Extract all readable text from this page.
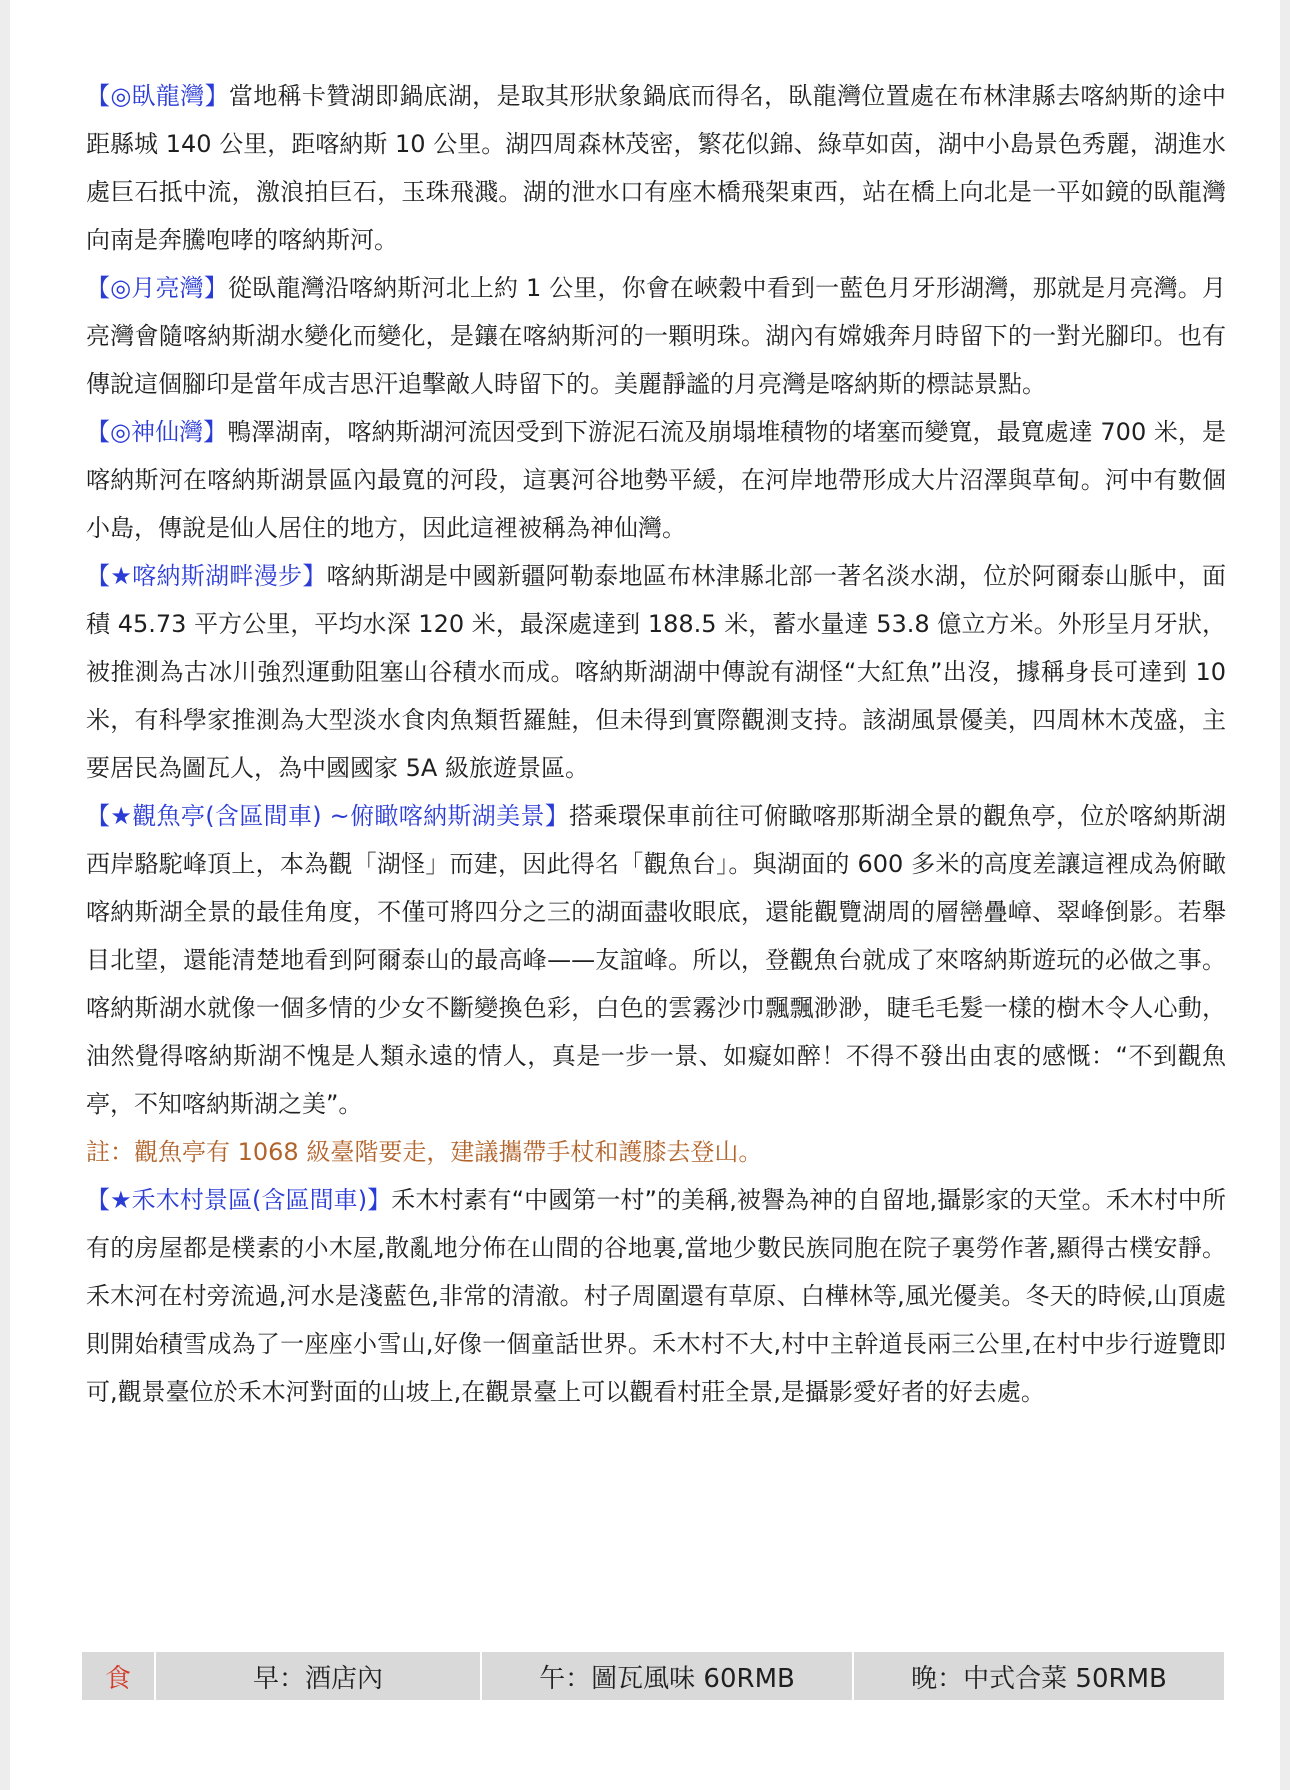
【◎臥龍灣】當地稱卡贊湖即鍋底湖，是取其形狀象鍋底而得名，臥龍灣位置處在布林津縣去喀納斯的途中距縣城 140 公里，距喀納斯 10 公里。湖四周森林茂密，繁花似錦、綠草如茵，湖中小島景色秀麗，湖進水處巨石抵中流，激浪拍巨石，玉珠飛濺。湖的泄水口有座木橋飛架東西，站在橋上向北是一平如鏡的臥龍灣向南是奔騰咆哮的喀納斯河。

【◎月亮灣】從臥龍灣沿喀納斯河北上約 1 公里，你會在峽穀中看到一藍色月牙形湖灣，那就是月亮灣。月亮灣會隨喀納斯湖水變化而變化，是鑲在喀納斯河的一顆明珠。湖內有嫦娥奔月時留下的一對光腳印。也有傳說這個腳印是當年成吉思汗追擊敵人時留下的。美麗靜謐的月亮灣是喀納斯的標誌景點。

【◎神仙灣】鴨澤湖南，喀納斯湖河流因受到下游泥石流及崩塌堆積物的堵塞而變寬，最寬處達 700 米，是喀納斯河在喀納斯湖景區內最寬的河段，這裏河谷地勢平緩，在河岸地帶形成大片沼澤與草甸。河中有數個小島，傳說是仙人居住的地方，因此這裡被稱為神仙灣。

【★喀納斯湖畔漫步】喀納斯湖是中國新疆阿勒泰地區布林津縣北部一著名淡水湖，位於阿爾泰山脈中，面積 45.73 平方公里，平均水深 120 米，最深處達到 188.5 米，蓄水量達 53.8 億立方米。外形呈月牙狀，被推測為古冰川強烈運動阻塞山谷積水而成。喀納斯湖湖中傳說有湖怪“大紅魚”出沒，據稱身長可達到 10 米，有科學家推測為大型淡水食肉魚類哲羅鮭，但未得到實際觀測支持。該湖風景優美，四周林木茂盛，主要居民為圖瓦人，為中國國家 5A 級旅遊景區。

【★觀魚亭(含區間車) ~俯瞰喀納斯湖美景】搭乘環保車前往可俯瞰喀那斯湖全景的觀魚亭，位於喀納斯湖西岸駱駝峰頂上，本為觀「湖怪」而建，因此得名「觀魚台」。與湖面的 600 多米的高度差讓這裡成為俯瞰喀納斯湖全景的最佳角度，不僅可將四分之三的湖面盡收眼底，還能觀覽湖周的層巒疊嶂、翠峰倒影。若舉目北望，還能清楚地看到阿爾泰山的最高峰——友誼峰。所以，登觀魚台就成了來喀納斯遊玩的必做之事。喀納斯湖水就像一個多情的少女不斷變換色彩，白色的雲霧沙巾飄飄渺渺，睫毛毛髮一樣的樹木令人心動，油然覺得喀納斯湖不愧是人類永遠的情人，真是一步一景、如癡如醉！不得不發出由衷的感慨：“不到觀魚亭，不知喀納斯湖之美”。

註：觀魚亭有 1068 級臺階要走，建議攜帶手杖和護膝去登山。

【★禾木村景區(含區間車)】禾木村素有“中國第一村”的美稱,被譽為神的自留地,攝影家的天堂。禾木村中所有的房屋都是樸素的小木屋,散亂地分佈在山間的谷地裏,當地少數民族同胞在院子裏勞作著,顯得古樸安靜。禾木河在村旁流過,河水是淺藍色,非常的清澈。村子周圍還有草原、白樺林等,風光優美。冬天的時候,山頂處則開始積雪成為了一座座小雪山,好像一個童話世界。禾木村不大,村中主幹道長兩三公里,在村中步行遊覽即可,觀景臺位於禾木河對面的山坡上,在觀景臺上可以觀看村莊全景,是攝影愛好者的好去處。

食	早：酒店內	午：圖瓦風味 60RMB	晚：中式合菜 50RMB
